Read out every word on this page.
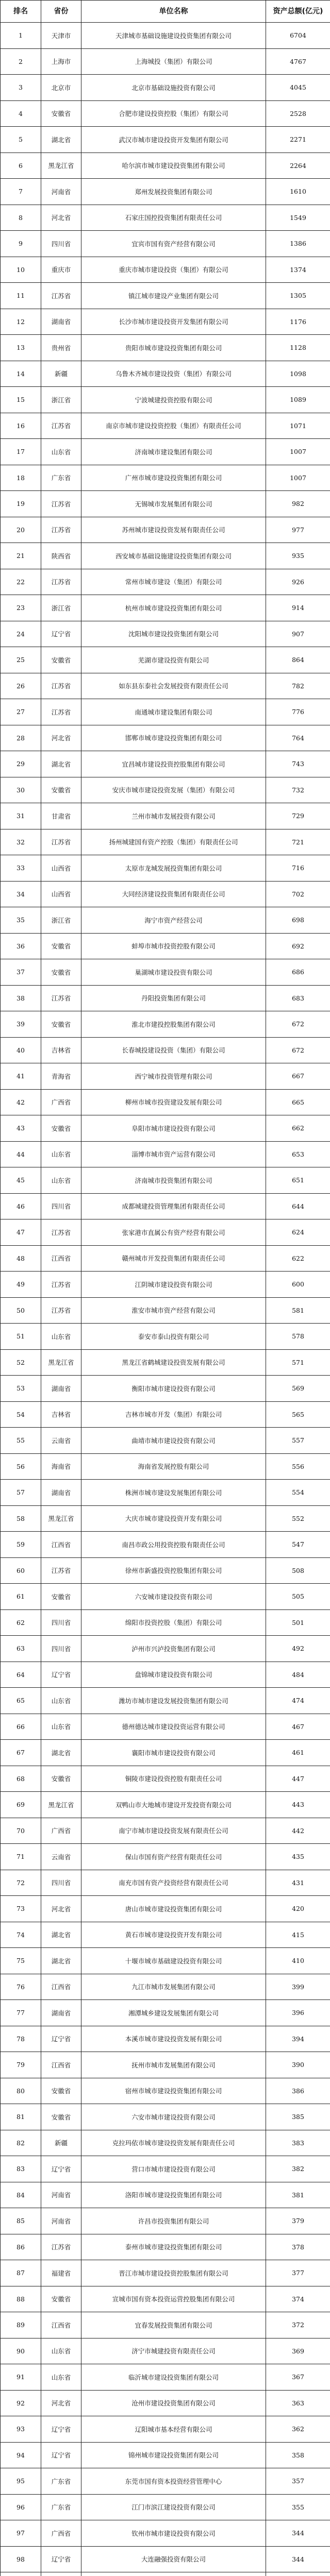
排名	省份	单位名称	资产总额(亿元)
1	天津市	天津城市基础设施建设投资集团有限公司	6704
2	上海市	上海城投（集团）有限公司	4767
3	北京市	北京市基础设施投资有限公司	4045
4	安徽省	合肥市建设投资控股（集团）有限公司	2528
5	湖北省	武汉市城市建设投资开发集团有限公司	2271
6	黑龙江省	哈尔滨市城市建设投资集团有限公司	2264
7	河南省	郑州发展投资集团有限公司	1610
8	河北省	石家庄国控投资集团有限责任公司	1549
9	四川省	宜宾市国有资产经营有限公司	1386
10	重庆市	重庆市城市建设投资（集团）有限公司	1374
11	江苏省	镇江城市建设产业集团有限公司	1305
12	湖南省	长沙市城市建设投资开发集团有限公司	1176
13	贵州省	贵阳市城市建设投资集团有限公司	1128
14	新疆	乌鲁木齐城市建设投资（集团）有限公司	1098
15	浙江省	宁波城建投资控股有限公司	1089
16	江苏省	南京市城市建设投资控股（集团）有限责任公司	1071
17	山东省	济南城市建设集团有限公司	1007
18	广东省	广州市城市建设投资集团有限公司	1007
19	江苏省	无锡城市发展集团有限公司	982
20	江苏省	苏州城市建设投资发展有限责任公司	977
21	陕西省	西安城市基础设施建设投资集团有限公司	935
22	江苏省	常州市城市建设（集团）有限公司	926
23	浙江省	杭州市城市建设投资集团有限公司	914
24	辽宁省	沈阳城市建设投资集团有限公司	907
25	安徽省	芜湖市建设投资有限公司	864
26	江苏省	如东县东泰社会发展投资有限责任公司	782
27	江苏省	南通城市建设集团有限公司	776
28	河北省	邯郸市城市建设投资集团有限公司	764
29	湖北省	宜昌城市建设投资控股集团有限公司	743
30	安徽省	安庆市城市建设投资发展（集团）有限公司	732
31	甘肃省	兰州市城市发展投资有限公司	729
32	江苏省	扬州城建国有资产控股（集团）有限责任公司	721
33	山西省	太原市龙城发展投资集团有限公司	716
34	山西省	大同经济建设投资集团有限责任公司	702
35	浙江省	海宁市资产经营公司	698
36	安徽省	蚌埠市城市投资控股有限公司	692
37	安徽省	巢湖城市建设投资有限公司	686
38	江苏省	丹阳投资集团有限公司	683
39	安徽省	淮北市建投控股集团有限公司	672
40	吉林省	长春城投建设投资（集团）有限公司	672
41	青海省	西宁城市投资管理有限公司	667
42	广西省	柳州市城市投资建设发展有限公司	665
43	安徽省	阜阳市城市建设投资有限公司	662
44	山东省	淄博市城市资产运营有限公司	653
45	山东省	济南城市投资集团有限公司	651
46	四川省	成都城建投资管理集团有限责任公司	644
47	江苏省	张家港市直属公有资产经营有限公司	624
48	江西省	赣州城市开发投资集团有限责任公司	622
49	江苏省	江阴城市建设投资有限公司	600
50	江苏省	淮安市城市资产经营有限公司	581
51	山东省	泰安市泰山投资有限公司	578
52	黑龙江省	黑龙江省鹤城建设投资发展有限公司	571
53	湖南省	衡阳市城市建设投资有限公司	569
54	吉林省	吉林市城市开发（集团）有限公司	565
55	云南省	曲靖市城市建设投资有限公司	557
56	海南省	海南省发展控股有限公司	556
57	湖南省	株洲市城市建设发展集团有限公司	554
58	黑龙江省	大庆市城市建设投资开发有限公司	552
59	江西省	南昌市政公用投资控股有限责任公司	547
60	江苏省	徐州市新盛投资控股集团有限公司	508
61	安徽省	六安城市建设投资有限公司	505
62	四川省	绵阳市投资控股（集团）有限公司	501
63	四川省	泸州市兴泸投资集团有限公司	492
64	辽宁省	盘锦城市建设投资有限公司	484
65	山东省	潍坊市城市建设发展投资集团有限公司	474
66	山东省	德州德达城市建设投资运营有限公司	467
67	湖北省	襄阳市城市建设投资有限公司	461
68	安徽省	铜陵市建设投资控股有限责任公司	447
69	黑龙江省	双鸭山市大地城市建设开发投资有限公司	443
70	广西省	南宁市城市建设投资发展有限责任公司	442
71	云南省	保山市国有资产经营有限责任公司	435
72	四川省	南充市国有资产投资经营有限责任公司	431
73	河北省	唐山市城市建设投资集团有限公司	420
74	湖北省	黄石市城市建设投资开发有限公司	415
75	湖北省	十堰市城市基础建设投资有限公司	410
76	江西省	九江市城市发展集团有限公司	399
77	湖南省	湘潭城乡建设发展集团有限公司	396
78	辽宁省	本溪市城市建设投资发展有限公司	394
79	江西省	抚州市城市发展集团有限公司	390
80	安徽省	宿州市城市建设投资集团有限公司	386
81	安徽省	六安市城市建设投资有限公司	385
82	新疆	克拉玛依市城市建设投资发展有限责任公司	383
83	辽宁省	营口市城市建设投资有限公司	382
84	河南省	洛阳市城市建设投资集团有限公司	381
85	河南省	许昌市投资集团有限公司	379
86	江苏省	泰州市城市建设投资集团有限公司	378
87	福建省	晋江市城市建设投资控股集团有限公司	377
88	安徽省	宣城市国有资本投资运营控股集团有限公司	374
89	江西省	宜春发展投资集团有限公司	372
90	山东省	济宁市城建投资有限责任公司	369
91	山东省	临沂城市建设投资集团有限公司	367
92	河北省	沧州市建设投资集团有限公司	363
93	辽宁省	辽阳城市基本经营有限公司	362
94	辽宁省	锦州城市建设投资集团有限公司	358
95	广东省	东莞市国有资本投资经营管理中心	357
96	广东省	江门市滨江建设投资有限公司	355
97	广西省	钦州市城市建设投资有限公司	344
98	辽宁省	大连融强投资有限公司	344
